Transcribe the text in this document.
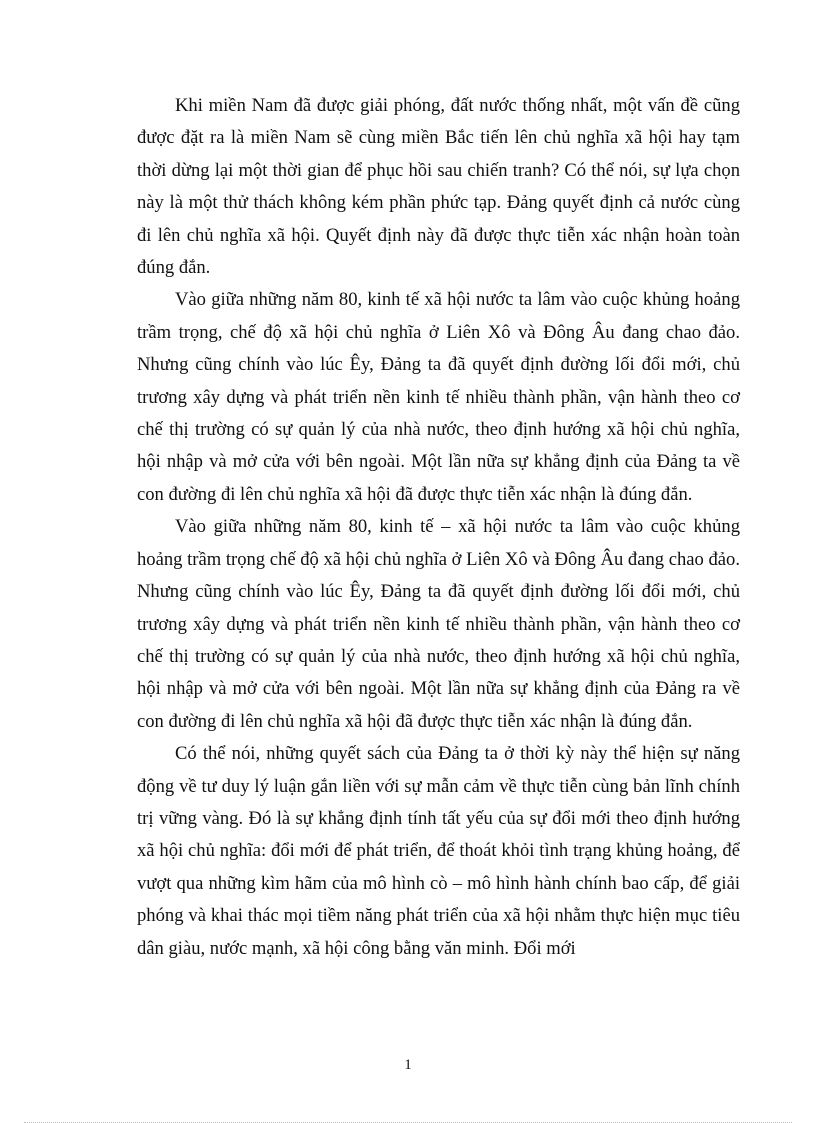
Khi miền Nam đã được giải phóng, đất nước thống nhất, một vấn đề cũng được đặt ra là miền Nam sẽ cùng miền Bắc tiến lên chủ nghĩa xã hội hay tạm thời dừng lại một thời gian để phục hồi sau chiến tranh? Có thể nói, sự lựa chọn này là một thử thách không kém phần phức tạp. Đảng quyết định cả nước cùng đi lên chủ nghĩa xã hội. Quyết định này đã được thực tiễn xác nhận hoàn toàn đúng đắn.

Vào giữa những năm 80, kinh tế xã hội nước ta lâm vào cuộc khủng hoảng trầm trọng, chế độ xã hội chủ nghĩa ở Liên Xô và Đông Âu đang chao đảo. Nhưng cũng chính vào lúc Êy, Đảng ta đã quyết định đường lối đổi mới, chủ trương xây dựng và phát triển nền kinh tế nhiều thành phần, vận hành theo cơ chế thị trường có sự quản lý của nhà nước, theo định hướng xã hội chủ nghĩa, hội nhập và mở cửa với bên ngoài. Một lần nữa sự khẳng định của Đảng ta về con đường đi lên chủ nghĩa xã hội đã được thực tiễn xác nhận là đúng đắn.

Vào giữa những năm 80, kinh tế – xã hội nước ta lâm vào cuộc khủng hoảng trầm trọng chế độ xã hội chủ nghĩa ở Liên Xô và Đông Âu đang chao đảo. Nhưng cũng chính vào lúc Êy, Đảng ta đã quyết định đường lối đổi mới, chủ trương xây dựng và phát triển nền kinh tế nhiều thành phần, vận hành theo cơ chế thị trường có sự quản lý của nhà nước, theo định hướng xã hội chủ nghĩa, hội nhập và mở cửa với bên ngoài. Một lần nữa sự khẳng định của Đảng ra về con đường đi lên chủ nghĩa xã hội đã được thực tiễn xác nhận là đúng đắn.

Có thể nói, những quyết sách của Đảng ta ở thời kỳ này thể hiện sự năng động về tư duy lý luận gắn liền với sự mẫn cảm về thực tiễn cùng bản lĩnh chính trị vững vàng. Đó là sự khẳng định tính tất yếu của sự đổi mới theo định hướng xã hội chủ nghĩa: đổi mới để phát triển, để thoát khỏi tình trạng khủng hoảng, để vượt qua những kìm hãm của mô hình cò – mô hình hành chính bao cấp, để giải phóng và khai thác mọi tiềm năng phát triển của xã hội nhằm thực hiện mục tiêu dân giàu, nước mạnh, xã hội công bằng văn minh. Đổi mới

1
